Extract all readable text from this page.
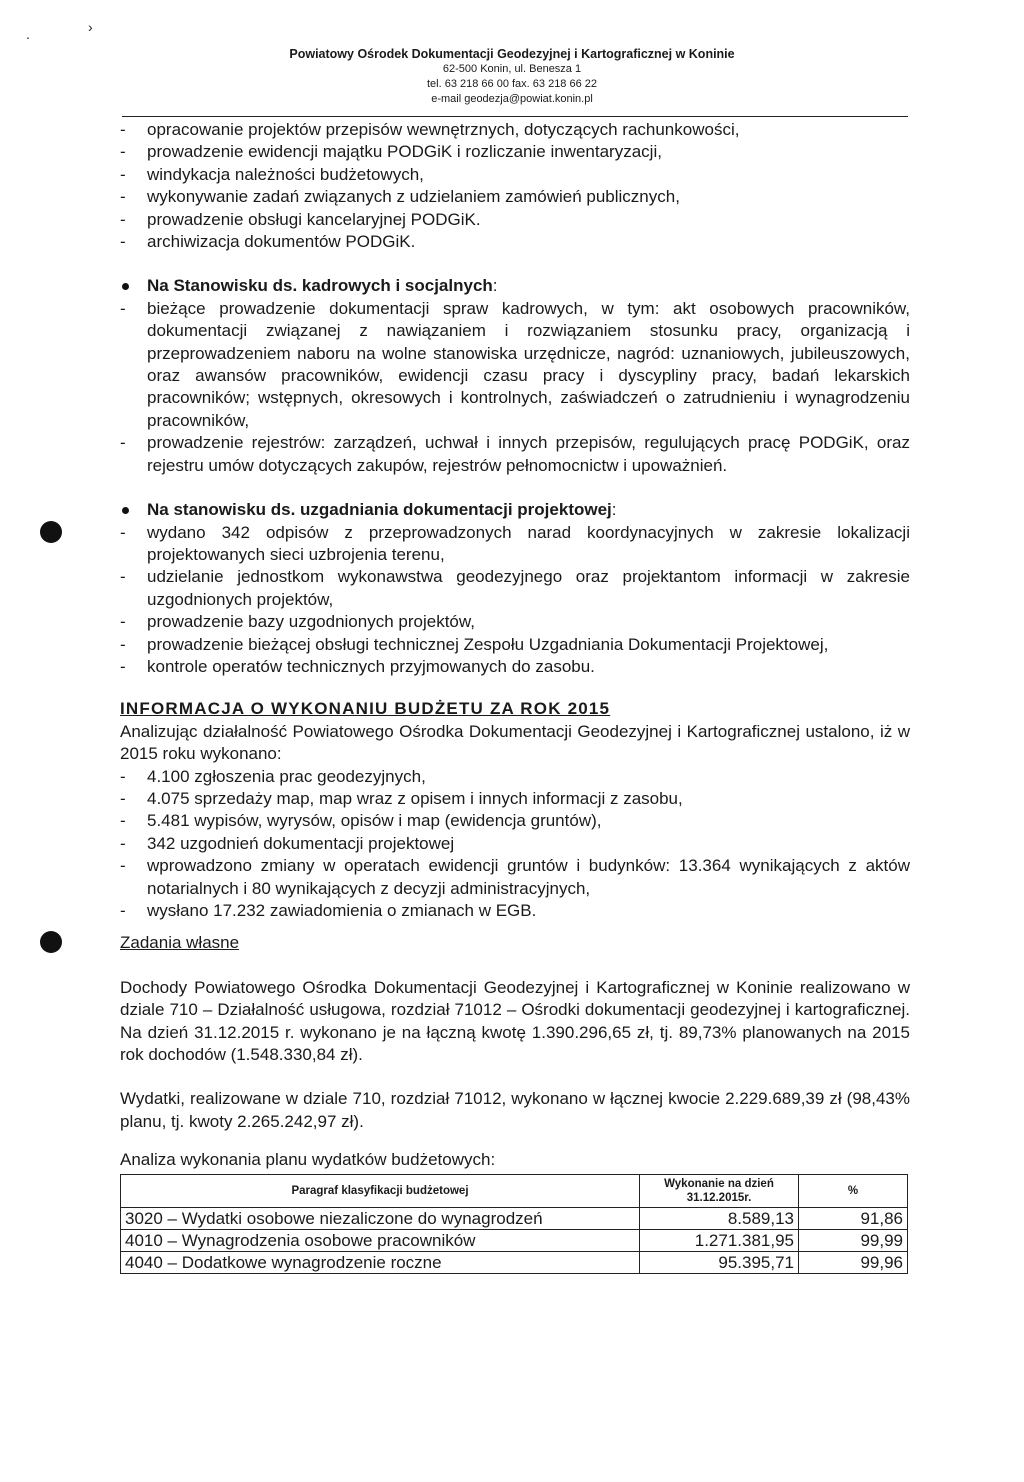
.	›
Powiatowy Ośrodek Dokumentacji Geodezyjnej i Kartograficznej w Koninie
62-500 Konin, ul. Benesza 1
tel. 63 218 66 00 fax. 63 218 66 22
e-mail geodezja@powiat.konin.pl
- opracowanie projektów przepisów wewnętrznych, dotyczących rachunkowości,
- prowadzenie ewidencji majątku PODGiK i rozliczanie inwentaryzacji,
- windykacja należności budżetowych,
- wykonywanie zadań związanych z udzielaniem zamówień publicznych,
- prowadzenie obsługi kancelaryjnej PODGiK.
- archiwizacja dokumentów PODGiK.
Na Stanowisku ds. kadrowych i socjalnych:
- bieżące prowadzenie dokumentacji spraw kadrowych, w tym: akt osobowych pracowników, dokumentacji związanej z nawiązaniem i rozwiązaniem stosunku pracy, organizacją i przeprowadzeniem naboru na wolne stanowiska urzędnicze, nagród: uznaniowych, jubileuszowych, oraz awansów pracowników, ewidencji czasu pracy i dyscypliny pracy, badań lekarskich pracowników; wstępnych, okresowych i kontrolnych, zaświadczeń o zatrudnieniu i wynagrodzeniu pracowników,
- prowadzenie rejestrów: zarządzeń, uchwał i innych przepisów, regulujących pracę PODGiK, oraz rejestru umów dotyczących zakupów, rejestrów pełnomocnictw i upoważnień.
Na stanowisku ds. uzgadniania dokumentacji projektowej:
- wydano 342 odpisów z przeprowadzonych narad koordynacyjnych w zakresie lokalizacji projektowanych sieci uzbrojenia terenu,
- udzielanie jednostkom wykonawstwa geodezyjnego oraz projektantom informacji w zakresie uzgodnionych projektów,
- prowadzenie bazy uzgodnionych projektów,
- prowadzenie bieżącej obsługi technicznej Zespołu Uzgadniania Dokumentacji Projektowej,
- kontrole operatów technicznych przyjmowanych do zasobu.
INFORMACJA O WYKONANIU BUDŻETU ZA ROK 2015
Analizując działalność Powiatowego Ośrodka Dokumentacji Geodezyjnej i Kartograficznej ustalono, iż w 2015 roku wykonano:
- 4.100 zgłoszenia prac geodezyjnych,
- 4.075 sprzedaży map, map wraz z opisem i innych informacji z zasobu,
- 5.481 wypisów, wyrysów, opisów i map (ewidencja gruntów),
- 342 uzgodnień dokumentacji projektowej
- wprowadzono zmiany w operatach ewidencji gruntów i budynków: 13.364 wynikających z aktów notarialnych i 80 wynikających z decyzji administracyjnych,
- wysłano 17.232 zawiadomienia o zmianach w EGB.
Zadania własne
Dochody Powiatowego Ośrodka Dokumentacji Geodezyjnej i Kartograficznej w Koninie realizowano w dziale 710 – Działalność usługowa, rozdział 71012 – Ośrodki dokumentacji geodezyjnej i kartograficznej. Na dzień 31.12.2015 r. wykonano je na łączną kwotę 1.390.296,65 zł, tj. 89,73% planowanych na 2015 rok dochodów (1.548.330,84 zł).
Wydatki, realizowane w dziale 710, rozdział 71012, wykonano w łącznej kwocie 2.229.689,39 zł (98,43% planu, tj. kwoty 2.265.242,97 zł).
Analiza wykonania planu wydatków budżetowych:
Paragraf klasyfikacji budżetowej	Wykonanie na dzień 31.12.2015r.	%
3020 – Wydatki osobowe niezaliczone do wynagrodzeń	8.589,13	91,86
4010 – Wynagrodzenia osobowe pracowników	1.271.381,95	99,99
4040 – Dodatkowe wynagrodzenie roczne	95.395,71	99,96
